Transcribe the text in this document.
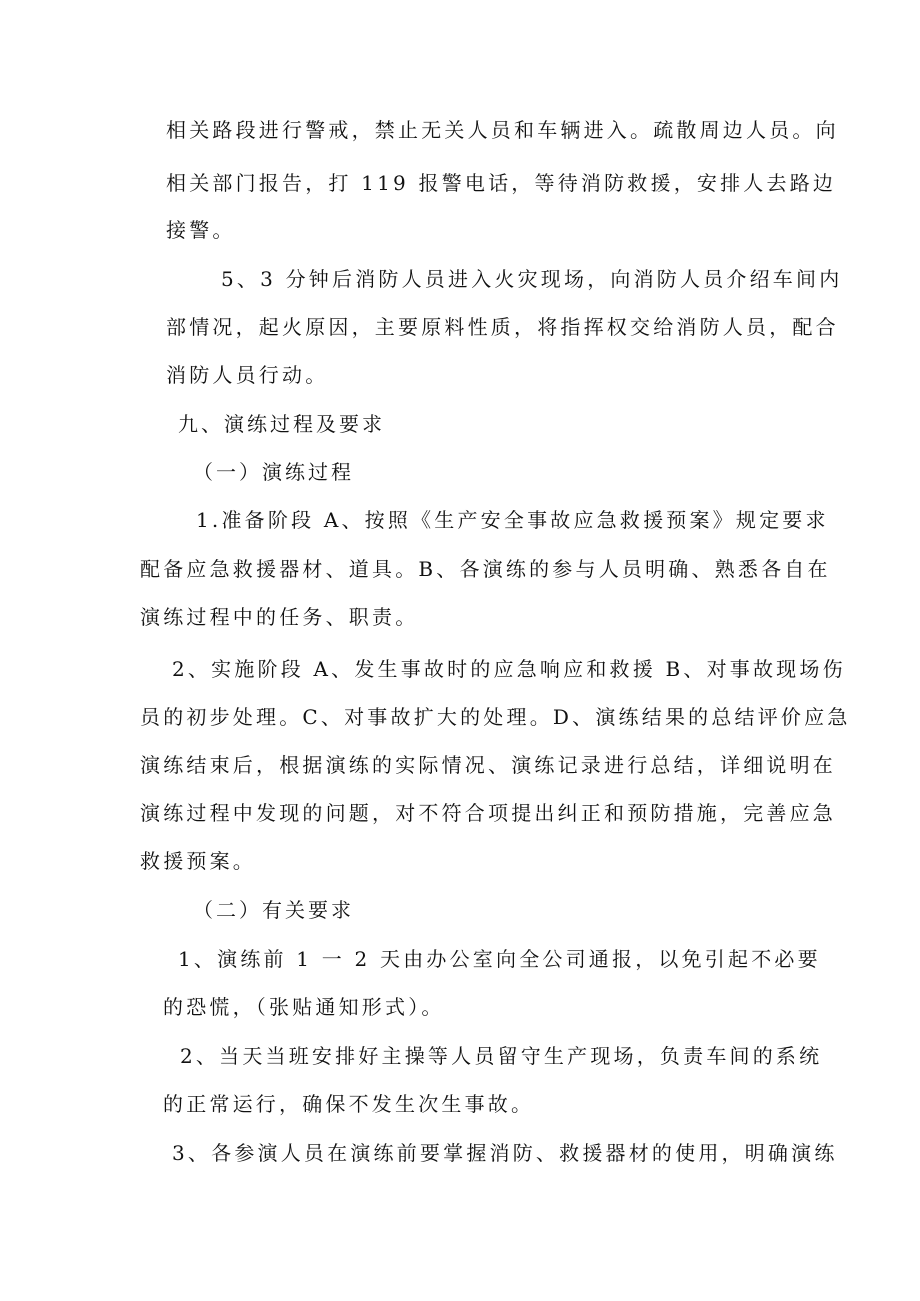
相关路段进行警戒，禁止无关人员和车辆进入。疏散周边人员。向
相关部门报告，打 119 报警电话，等待消防救援，安排人去路边
接警。
5、3 分钟后消防人员进入火灾现场，向消防人员介绍车间内
部情况，起火原因，主要原料性质，将指挥权交给消防人员，配合
消防人员行动。
九、演练过程及要求
（一）演练过程
1.准备阶段 A、按照《生产安全事故应急救援预案》规定要求
配备应急救援器材、道具。B、各演练的参与人员明确、熟悉各自在
演练过程中的任务、职责。
2、实施阶段 A、发生事故时的应急响应和救援 B、对事故现场伤
员的初步处理。C、对事故扩大的处理。D、演练结果的总结评价应急
演练结束后，根据演练的实际情况、演练记录进行总结，详细说明在
演练过程中发现的问题，对不符合项提出纠正和预防措施，完善应急
救援预案。
（二）有关要求
1、演练前 1 一 2 天由办公室向全公司通报，以免引起不必要
的恐慌，（张贴通知形式）。
2、当天当班安排好主操等人员留守生产现场，负责车间的系统
的正常运行，确保不发生次生事故。
3、各参演人员在演练前要掌握消防、救援器材的使用，明确演练
